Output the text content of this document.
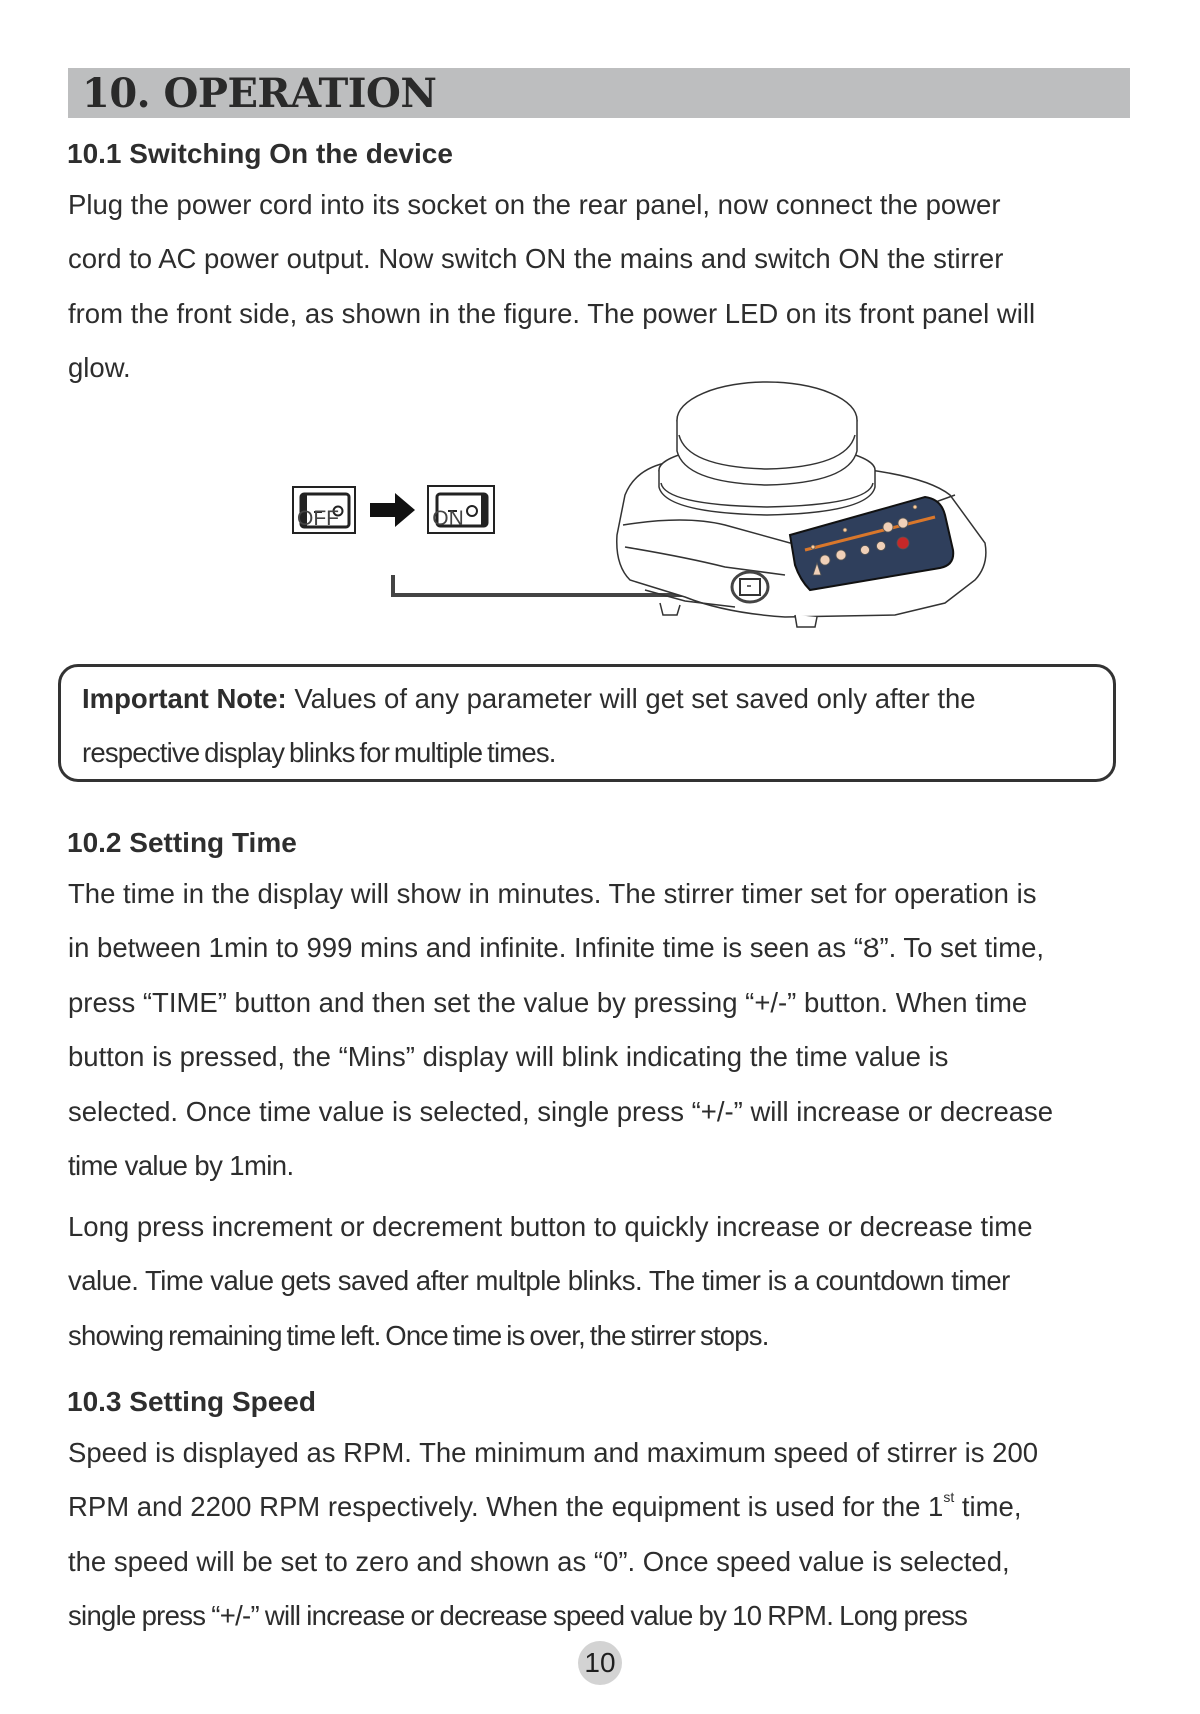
10. OPERATION
10.1 Switching On the device
Plug the power cord into its socket on the rear panel, now connect the power
cord to AC power output. Now switch ON the mains and switch ON the stirrer
from the front side, as shown in the figure. The power LED on its front panel will
glow.
OFF	ON
Important Note: Values of any parameter will get set saved only after the
respective display blinks for multiple times.
10.2 Setting Time
The time in the display will show in minutes. The stirrer timer set for operation is
in between 1min to 999 mins and infinite. Infinite time is seen as “Ȣ”. To set time,
press “TIME” button and then set the value by pressing “+/-” button. When time
button is pressed, the “Mins” display will blink indicating the time value is
selected. Once time value is selected, single press “+/-” will increase or decrease
time value by 1min.
Long press increment or decrement button to quickly increase or decrease time
value. Time value gets saved after multple blinks. The timer is a countdown timer
showing remaining time left. Once time is over, the stirrer stops.
10.3 Setting Speed
Speed is displayed as RPM. The minimum and maximum speed of stirrer is 200
RPM and 2200 RPM respectively. When the equipment is used for the 1st time,
the speed will be set to zero and shown as “0”. Once speed value is selected,
single press “+/-” will increase or decrease speed value by 10 RPM. Long press
10
